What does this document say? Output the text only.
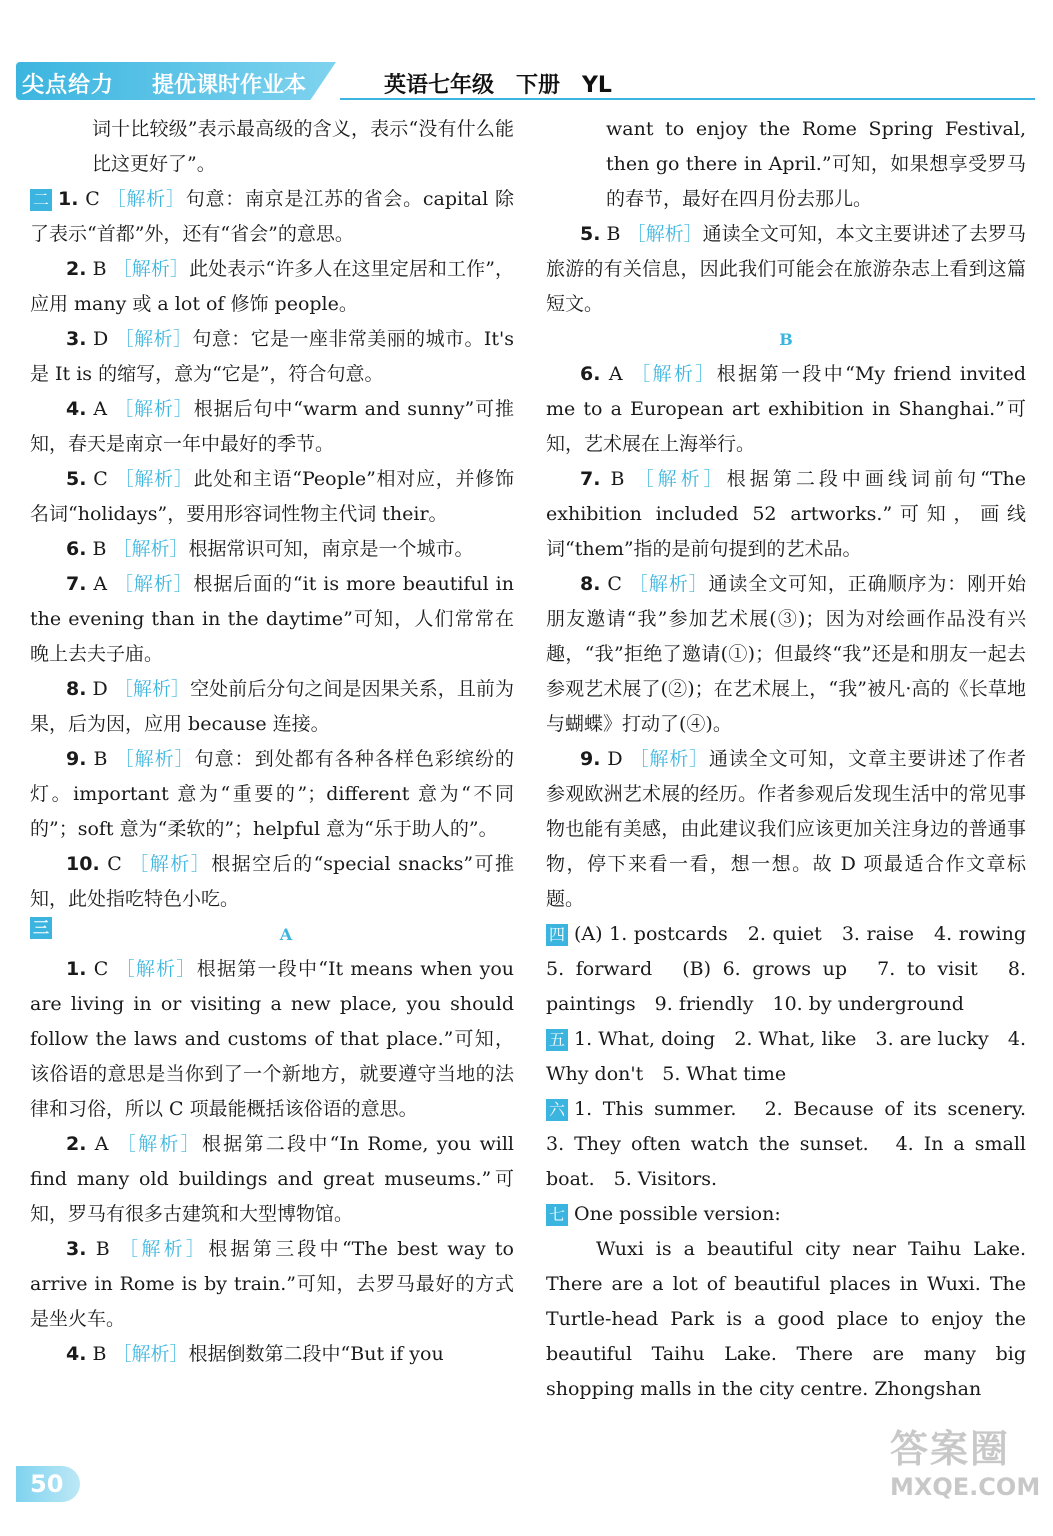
尖点给力 提优课时作业本	英语七年级　下册　YL
词十比较级”表示最高级的含义，表示“没有什么能比这更好了”。
二 1. C ［解析］句意：南京是江苏的省会。capital 除了表示“首都”外，还有“省会”的意思。
2. B ［解析］此处表示“许多人在这里定居和工作”，应用 many 或 a lot of 修饰 people。
3. D ［解析］句意：它是一座非常美丽的城市。It's 是 It is 的缩写，意为“它是”，符合句意。
4. A ［解析］根据后句中“warm and sunny”可推知，春天是南京一年中最好的季节。
5. C ［解析］此处和主语“People”相对应，并修饰名词“holidays”，要用形容词性物主代词 their。
6. B ［解析］根据常识可知，南京是一个城市。
7. A ［解析］根据后面的“it is more beautiful in the evening than in the daytime”可知，人们常常在晚上去夫子庙。
8. D ［解析］空处前后分句之间是因果关系，且前为果，后为因，应用 because 连接。
9. B ［解析］句意：到处都有各种各样色彩缤纷的灯。important 意为“重要的”；different 意为“不同的”；soft 意为“柔软的”；helpful 意为“乐于助人的”。
10. C ［解析］根据空后的“special snacks”可推知，此处指吃特色小吃。
三	A
1. C ［解析］根据第一段中“It means when you are living in or visiting a new place, you should follow the laws and customs of that place.”可知，该俗语的意思是当你到了一个新地方，就要遵守当地的法律和习俗，所以 C 项最能概括该俗语的意思。
2. A ［解析］根据第二段中“In Rome, you will find many old buildings and great museums.”可知，罗马有很多古建筑和大型博物馆。
3. B ［解析］根据第三段中“The best way to arrive in Rome is by train.”可知，去罗马最好的方式是坐火车。
4. B ［解析］根据倒数第二段中“But if you
want to enjoy the Rome Spring Festival, then go there in April.”可知，如果想享受罗马的春节，最好在四月份去那儿。
5. B ［解析］通读全文可知，本文主要讲述了去罗马旅游的有关信息，因此我们可能会在旅游杂志上看到这篇短文。
B
6. A ［解析］根据第一段中“My friend invited me to a European art exhibition in Shanghai.”可知，艺术展在上海举行。
7. B ［解析］根据第二段中画线词前句“The exhibition included 52 artworks.”可知，画线词“them”指的是前句提到的艺术品。
8. C ［解析］通读全文可知，正确顺序为：刚开始朋友邀请“我”参加艺术展(③)；因为对绘画作品没有兴趣，“我”拒绝了邀请(①)；但最终“我”还是和朋友一起去参观艺术展了(②)；在艺术展上，“我”被凡·高的《长草地与蝴蝶》打动了(④)。
9. D ［解析］通读全文可知，文章主要讲述了作者参观欧洲艺术展的经历。作者参观后发现生活中的常见事物也能有美感，由此建议我们应该更加关注身边的普通事物，停下来看一看，想一想。故 D 项最适合作文章标题。
四 (A) 1. postcards　2. quiet　3. raise　4. rowing　5. forward　(B) 6. grows up　7. to visit　8. paintings　9. friendly　10. by underground
五 1. What, doing　2. What, like　3. are lucky　4. Why don't　5. What time
六 1. This summer.　2. Because of its scenery.　3. They often watch the sunset.　4. In a small boat.　5. Visitors.
七 One possible version:
　　Wuxi is a beautiful city near Taihu Lake. There are a lot of beautiful places in Wuxi. The Turtle-head Park is a good place to enjoy the beautiful Taihu Lake. There are many big shopping malls in the city centre. Zhongshan
50
答案圈
MXQE.COM
